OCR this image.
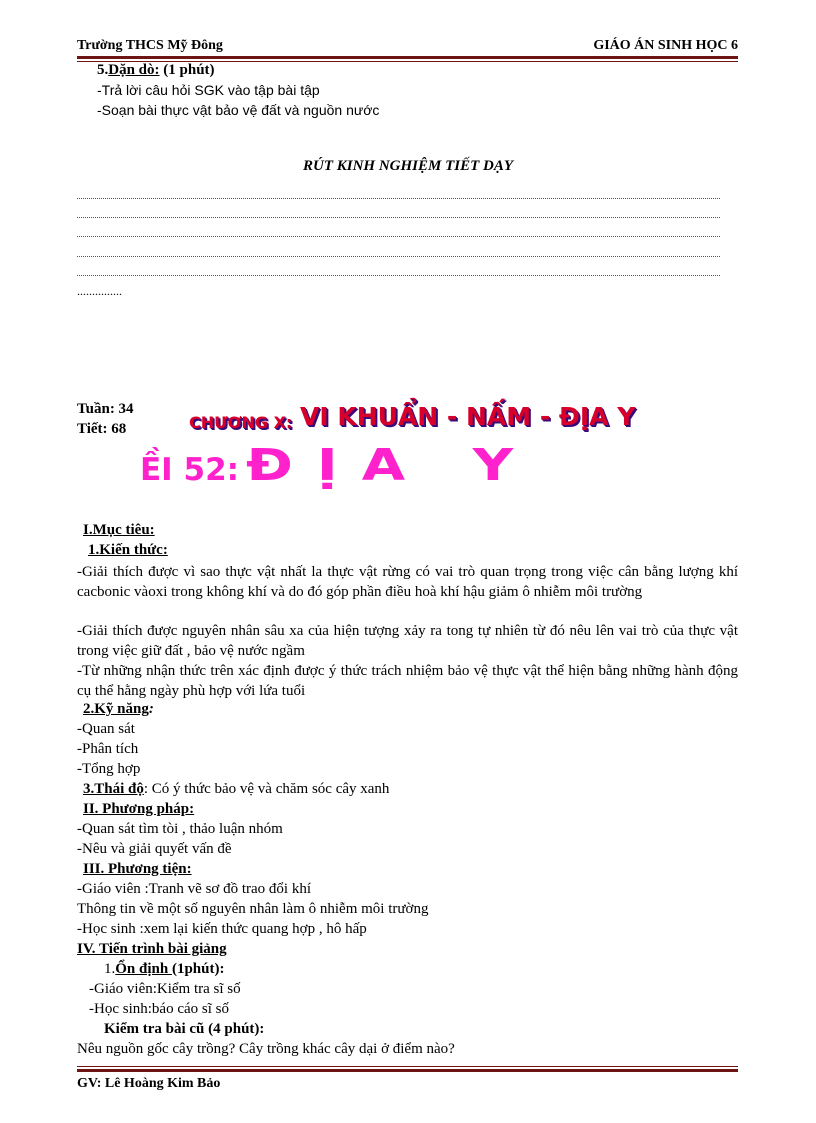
Trường THCS Mỹ Đông	GIÁO ÁN SINH HỌC 6
5.Dặn dò: (1 phút)
-Trả lời câu hỏi SGK vào tập bài tập
-Soạn bài thực vật bảo vệ đất và nguồn nước
RÚT KINH NGHIỆM TIẾT DẠY
...............
Tuần: 34
Tiết: 68	CHƯƠNG X: VI KHUẨN - NẤM - ĐỊA Y
ỀI 52: ĐỊA Y
I.Mục tiêu:
1.Kiến thức:
-Giải thích được vì sao thực vật nhất la thực vật rừng có vai trò quan trọng trong việc cân bằng lượng khí cacbonic vàoxi trong không khí và do đó góp phần điều hoà khí hậu giảm ô nhiễm môi trường
-Giải thích được nguyên nhân sâu xa của hiện tượng xảy ra tong tự nhiên từ đó nêu lên vai trò của thực vật trong việc giữ đất , bảo vệ nước ngầm
-Từ những nhận thức trên xác định được ý thức trách nhiệm bảo vệ thực vật thể hiện bằng những hành động cụ thể hằng ngày phù hợp với lứa tuổi
2.Kỹ năng:
-Quan sát
-Phân tích
-Tổng hợp
3.Thái độ: Có ý thức bảo vệ và chăm sóc cây xanh
II. Phương pháp:
-Quan sát tìm tòi , thảo luận nhóm
-Nêu và giải quyết vấn đề
III. Phương tiện:
-Giáo viên :Tranh vẽ sơ đồ trao đổi khí
Thông tin về một số nguyên nhân làm ô nhiễm môi trường
-Học sinh :xem lại kiến thức quang hợp , hô hấp
IV. Tiến trình bài giảng
1.Ổn định (1phút):
-Giáo viên:Kiểm tra sĩ số
-Học sinh:báo cáo sĩ số
Kiểm tra bài cũ (4 phút):
Nêu nguồn gốc cây trồng? Cây trồng khác cây dại ở điểm nào?
GV: Lê Hoàng Kim Bảo
